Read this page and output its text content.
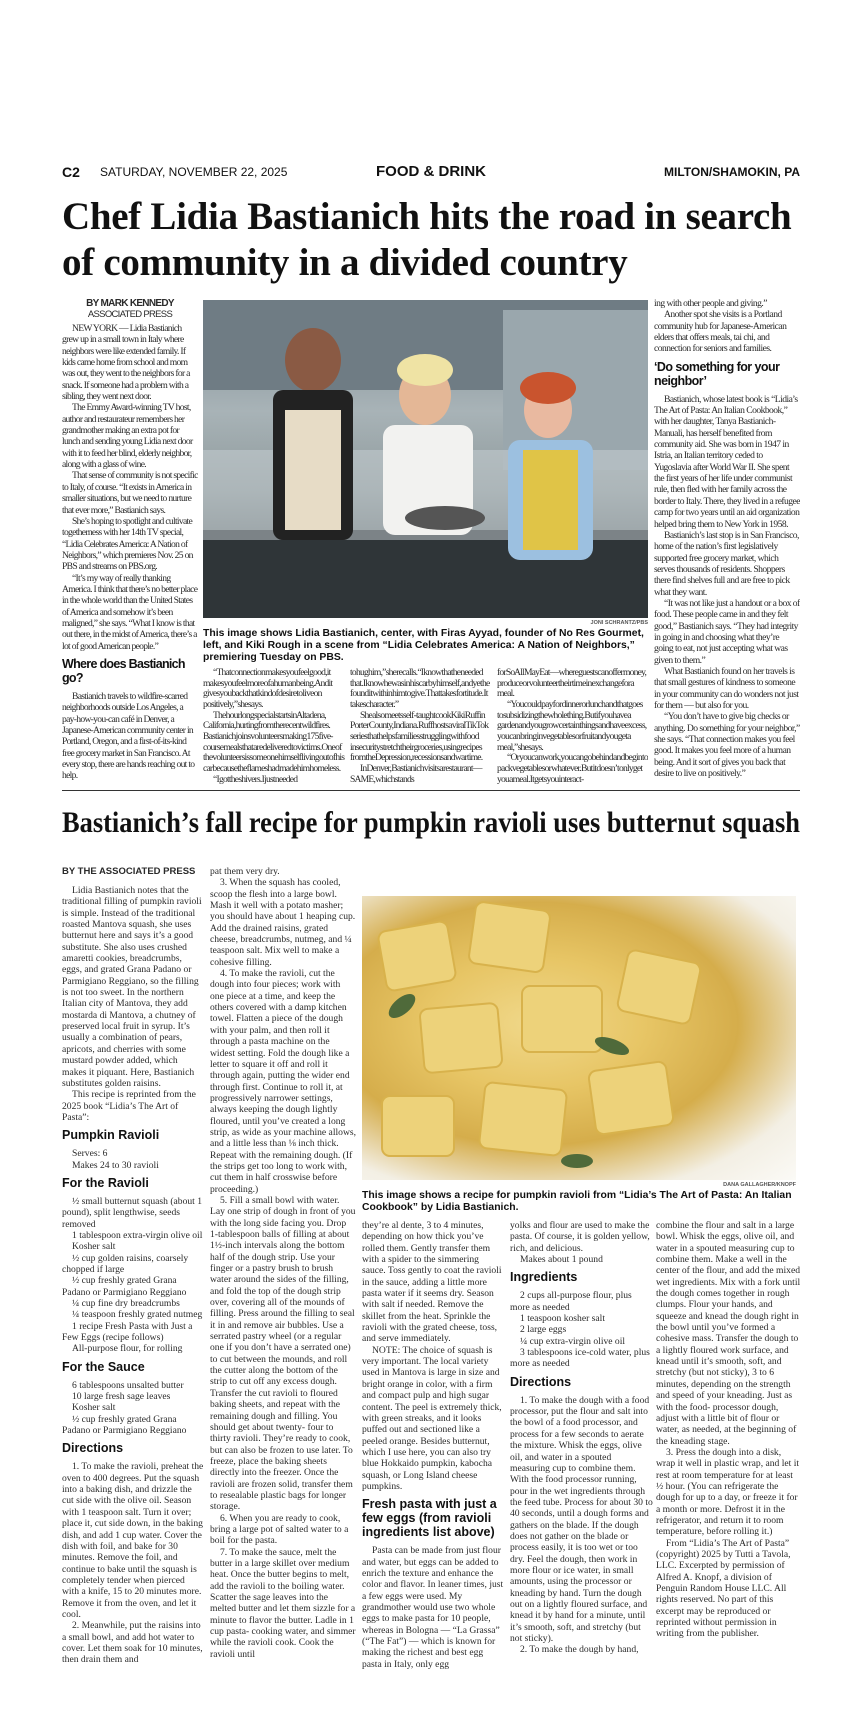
C2 SATURDAY, NOVEMBER 22, 2025	FOOD & DRINK	MILTON/SHAMOKIN, PA
Chef Lidia Bastianich hits the road in search of community in a divided country
BY MARK KENNEDY
ASSOCIATED PRESS

NEW YORK — Lidia Bastianich grew up in a small town in Italy where neighbors were like extended family. If kids came home from school and mom was out, they went to the neighbors for a snack. If someone had a problem with a sibling, they went next door.

The Emmy Award-winning TV host, author and restaurateur remembers her grandmother making an extra pot for lunch and sending young Lidia next door with it to feed her blind, elderly neighbor, along with a glass of wine.

That sense of community is not specific to Italy, of course. “It exists in America in smaller situations, but we need to nurture that ever more,” Bastianich says.

She’s hoping to spotlight and cultivate togetherness with her 14th TV special, “Lidia Celebrates America: A Nation of Neighbors,” which premieres Nov. 25 on PBS and streams on PBS.org.

“It’s my way of really thanking America. I think that there’s no better place in the whole world than the United States of America and somehow it’s been maligned,” she says. “What I know is that out there, in the midst of America, there’s a lot of good American people.”

Where does Bastianich go?

Bastianich travels to wildfire-scarred neighborhoods outside Los Angeles, a pay-how-you-can café in Denver, a Japanese-American community center in Portland, Oregon, and a first-of-its-kind free grocery market in San Francisco. At every stop, there are hands reaching out to help.

JONI SCHRANTZ/PBS
This image shows Lidia Bastianich, center, with Firas Ayyad, founder of No Res Gourmet, left, and Kiki Rough in a scene from “Lidia Celebrates America: A Nation of Neighbors,” premiering Tuesday on PBS.

“That connection makes you feel good, it makes you feel more of a human being. And it gives you back that kind of desire to live on positively,” she says.

The hourlong special starts in Altadena, California, hurting from the recent wildfires. Bastianich joins volunteers making 175 five-course meals that are delivered to victims. One of the volunteers is someone himself living out of his car because the flames had made him homeless.

“I got the shivers. I just needed

to hug him,” she recalls. “I know that he needed that. I know he was in his car by himself, and yet he found it within him to give. That takes fortitude. It takes character.”

She also meets self-taught cook Kiki Ruff in Porter County, Indiana. Ruff hosts a viral TikTok series that helps families struggling with food insecurity stretch their groceries, using recipes from the Depression, recessions and wartime.

In Denver, Bastianich visits a restaurant — SAME, which stands

for So All May Eat — where guests can offer money, produce or volunteer their time in exchange for a meal.

“You could pay for dinner or lunch and that goes to subsidizing the whole thing. But if you have a garden and you grow certain things and have excess, you can bring in vegetables or fruit and you get a meal,” she says.

“Or you can work, you can go behind and begin to pack vegetables or whatever. But it doesn’t only get you a meal. It gets you interact-

ing with other people and giving.”

Another spot she visits is a Portland community hub for Japanese-American elders that offers meals, tai chi, and connection for seniors and families.

‘Do something for your neighbor’

Bastianich, whose latest book is “Lidia’s The Art of Pasta: An Italian Cookbook,” with her daughter, Tanya Bastianich-Manuali, has herself benefited from community aid. She was born in 1947 in Istria, an Italian territory ceded to Yugoslavia after World War II. She spent the first years of her life under communist rule, then fled with her family across the border to Italy. There, they lived in a refugee camp for two years until an aid organization helped bring them to New York in 1958.

Bastianich’s last stop is in San Francisco, home of the nation’s first legislatively supported free grocery market, which serves thousands of residents. Shoppers there find shelves full and are free to pick what they want.

“It was not like just a handout or a box of food. These people came in and they felt good,” Bastianich says. “They had integrity in going in and choosing what they’re going to eat, not just accepting what was given to them.”

What Bastianich found on her travels is that small gestures of kindness to someone in your community can do wonders not just for them — but also for you.

“You don’t have to give big checks or anything. Do something for your neighbor,” she says. “That connection makes you feel good. It makes you feel more of a human being. And it sort of gives you back that desire to live on positively.”

Bastianich’s fall recipe for pumpkin ravioli uses butternut squash
BY THE ASSOCIATED PRESS

Lidia Bastianich notes that the traditional filling of pumpkin ravioli is simple. Instead of the traditional roasted Mantova squash, she uses butternut here and says it’s a good substitute. She also uses crushed amaretti cookies, breadcrumbs, eggs, and grated Grana Padano or Parmigiano Reggiano, so the filling is not too sweet. In the northern Italian city of Mantova, they add mostarda di Mantova, a chutney of preserved local fruit in syrup. It’s usually a combination of pears, apricots, and cherries with some mustard powder added, which makes it piquant. Here, Bastianich substitutes golden raisins.

This recipe is reprinted from the 2025 book “Lidia’s The Art of Pasta”:

Pumpkin Ravioli

Serves: 6

Makes 24 to 30 ravioli

For the Ravioli

½ small butternut squash (about 1 pound), split lengthwise, seeds removed

1 tablespoon extra-virgin olive oil

Kosher salt

½ cup golden raisins, coarsely chopped if large

½ cup freshly grated Grana Padano or Parmigiano Reggiano

¼ cup fine dry breadcrumbs

¼ teaspoon freshly grated nutmeg

1 recipe Fresh Pasta with Just a Few Eggs (recipe follows)

All-purpose flour, for rolling

For the Sauce

6 tablespoons unsalted butter

10 large fresh sage leaves

Kosher salt

½ cup freshly grated Grana Padano or Parmigiano Reggiano

Directions

1. To make the ravioli, preheat the oven to 400 degrees. Put the squash into a baking dish, and drizzle the cut side with the olive oil. Season with 1 teaspoon salt. Turn it over; place it, cut side down, in the baking dish, and add 1 cup water. Cover the dish with foil, and bake for 30 minutes. Remove the foil, and continue to bake until the squash is completely tender when pierced with a knife, 15 to 20 minutes more. Remove it from the oven, and let it cool.

2. Meanwhile, put the raisins into a small bowl, and add hot water to cover. Let them soak for 10 minutes, then drain them and

pat them very dry.

3. When the squash has cooled, scoop the flesh into a large bowl. Mash it well with a potato masher; you should have about 1 heaping cup. Add the drained raisins, grated cheese, breadcrumbs, nutmeg, and ¼ teaspoon salt. Mix well to make a cohesive filling.

4. To make the ravioli, cut the dough into four pieces; work with one piece at a time, and keep the others covered with a damp kitchen towel. Flatten a piece of the dough with your palm, and then roll it through a pasta machine on the widest setting. Fold the dough like a letter to square it off and roll it through again, putting the wider end through first. Continue to roll it, at progressively narrower settings, always keeping the dough lightly floured, until you’ve created a long strip, as wide as your machine allows, and a little less than ⅛ inch thick. Repeat with the remaining dough. (If the strips get too long to work with, cut them in half crosswise before proceeding.)

5. Fill a small bowl with water. Lay one strip of dough in front of you with the long side facing you. Drop 1-tablespoon balls of filling at about 1½-inch intervals along the bottom half of the dough strip. Use your finger or a pastry brush to brush water around the sides of the filling, and fold the top of the dough strip over, covering all of the mounds of filling. Press around the filling to seal it in and remove air bubbles. Use a serrated pastry wheel (or a regular one if you don’t have a serrated one) to cut between the mounds, and roll the cutter along the bottom of the strip to cut off any excess dough. Transfer the cut ravioli to floured baking sheets, and repeat with the remaining dough and filling. You should get about twenty- four to thirty ravioli. They’re ready to cook, but can also be frozen to use later. To freeze, place the baking sheets directly into the freezer. Once the ravioli are frozen solid, transfer them to resealable plastic bags for longer storage.

6. When you are ready to cook, bring a large pot of salted water to a boil for the pasta.

7. To make the sauce, melt the butter in a large skillet over medium heat. Once the butter begins to melt, add the ravioli to the boiling water. Scatter the sage leaves into the melted butter and let them sizzle for a minute to flavor the butter. Ladle in 1 cup pasta- cooking water, and simmer while the ravioli cook. Cook the ravioli until

DANA GALLAGHER/KNOPF
This image shows a recipe for pumpkin ravioli from “Lidia’s The Art of Pasta: An Italian Cookbook” by Lidia Bastianich.

they’re al dente, 3 to 4 minutes, depending on how thick you’ve rolled them. Gently transfer them with a spider to the simmering sauce. Toss gently to coat the ravioli in the sauce, adding a little more pasta water if it seems dry. Season with salt if needed. Remove the skillet from the heat. Sprinkle the ravioli with the grated cheese, toss, and serve immediately.

NOTE: The choice of squash is very important. The local variety used in Mantova is large in size and bright orange in color, with a firm and compact pulp and high sugar content. The peel is extremely thick, with green streaks, and it looks puffed out and sectioned like a peeled orange. Besides butternut, which I use here, you can also try blue Hokkaido pumpkin, kabocha squash, or Long Island cheese pumpkins.

Fresh pasta with just a few eggs (from ravioli ingredients list above)

Pasta can be made from just flour and water, but eggs can be added to enrich the texture and enhance the color and flavor. In leaner times, just a few eggs were used. My grandmother would use two whole eggs to make pasta for 10 people, whereas in Bologna — “La Grassa” (“The Fat”) — which is known for making the richest and best egg pasta in Italy, only egg

yolks and flour are used to make the pasta. Of course, it is golden yellow, rich, and delicious.

Makes about 1 pound

Ingredients

2 cups all-purpose flour, plus more as needed

1 teaspoon kosher salt

2 large eggs

¼ cup extra-virgin olive oil

3 tablespoons ice-cold water, plus more as needed

Directions

1. To make the dough with a food processor, put the flour and salt into the bowl of a food processor, and process for a few seconds to aerate the mixture. Whisk the eggs, olive oil, and water in a spouted measuring cup to combine them. With the food processor running, pour in the wet ingredients through the feed tube. Process for about 30 to 40 seconds, until a dough forms and gathers on the blade. If the dough does not gather on the blade or process easily, it is too wet or too dry. Feel the dough, then work in more flour or ice water, in small amounts, using the processor or kneading by hand. Turn the dough out on a lightly floured surface, and knead it by hand for a minute, until it’s smooth, soft, and stretchy (but not sticky).

2. To make the dough by hand,

combine the flour and salt in a large bowl. Whisk the eggs, olive oil, and water in a spouted measuring cup to combine them. Make a well in the center of the flour, and add the mixed wet ingredients. Mix with a fork until the dough comes together in rough clumps. Flour your hands, and squeeze and knead the dough right in the bowl until you’ve formed a cohesive mass. Transfer the dough to a lightly floured work surface, and knead until it’s smooth, soft, and stretchy (but not sticky), 3 to 6 minutes, depending on the strength and speed of your kneading. Just as with the food- processor dough, adjust with a little bit of flour or water, as needed, at the beginning of the kneading stage.

3. Press the dough into a disk, wrap it well in plastic wrap, and let it rest at room temperature for at least ½ hour. (You can refrigerate the dough for up to a day, or freeze it for a month or more. Defrost it in the refrigerator, and return it to room temperature, before rolling it.)

From “Lidia’s The Art of Pasta” (copyright) 2025 by Tutti a Tavola, LLC. Excerpted by permission of Alfred A. Knopf, a division of Penguin Random House LLC. All rights reserved. No part of this excerpt may be reproduced or reprinted without permission in writing from the publisher.
